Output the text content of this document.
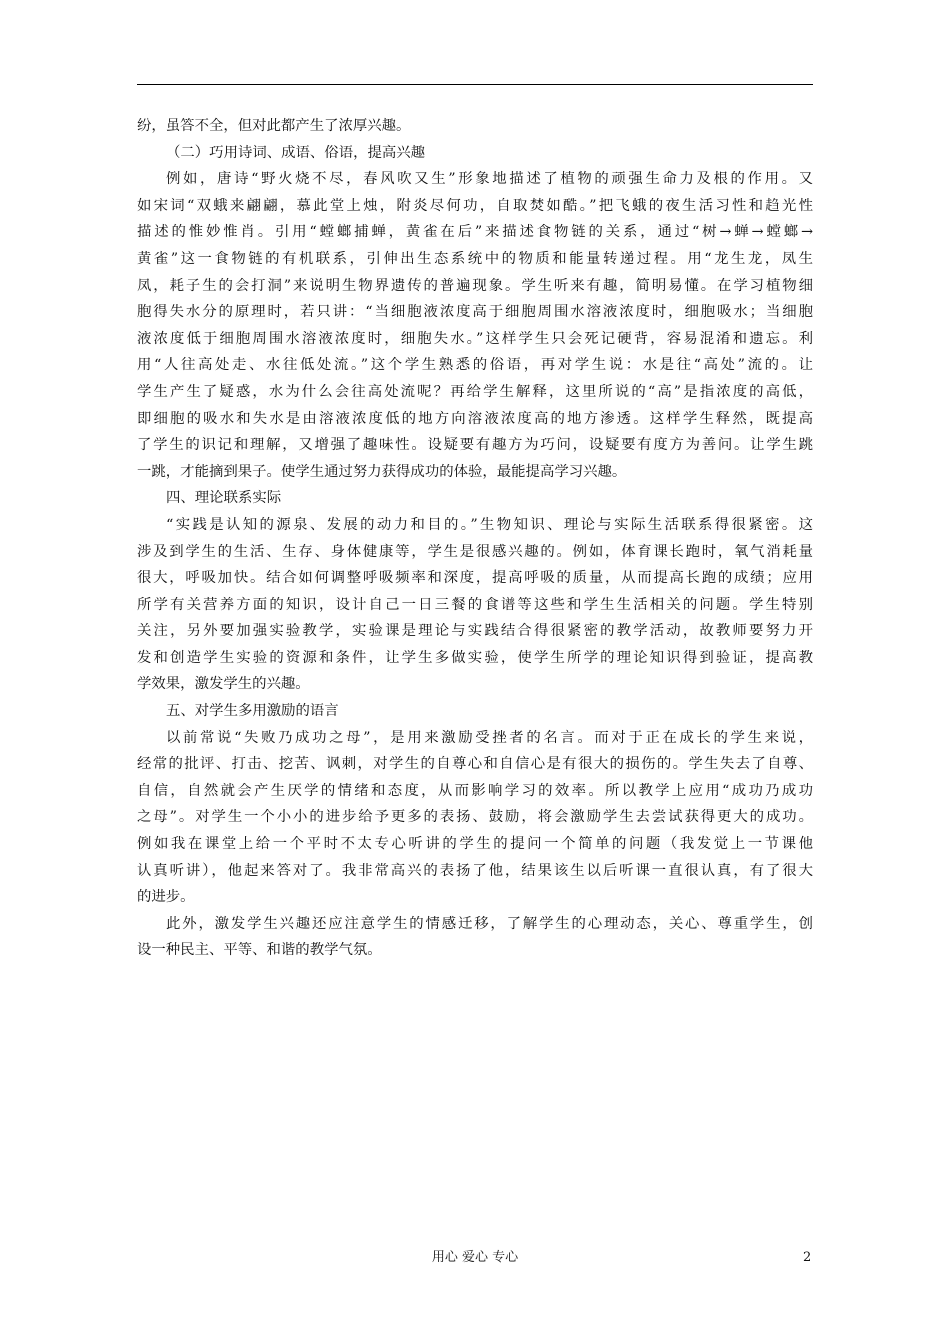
纷，虽答不全，但对此都产生了浓厚兴趣。
（二）巧用诗词、成语、俗语，提高兴趣
例如，唐诗“野火烧不尽，春风吹又生”形象地描述了植物的顽强生命力及根的作用。又
如宋词“双蛾来翩翩，慕此堂上烛，附炎尽何功，自取焚如酷。”把飞蛾的夜生活习性和趋光性
描述的惟妙惟肖。引用“螳螂捕蝉，黄雀在后”来描述食物链的关系，通过“树→蝉→螳螂→
黄雀”这一食物链的有机联系，引伸出生态系统中的物质和能量转递过程。用“龙生龙，凤生
凤，耗子生的会打洞”来说明生物界遗传的普遍现象。学生听来有趣，简明易懂。在学习植物细
胞得失水分的原理时，若只讲：“当细胞液浓度高于细胞周围水溶液浓度时，细胞吸水；当细胞
液浓度低于细胞周围水溶液浓度时，细胞失水。”这样学生只会死记硬背，容易混淆和遗忘。利
用“人往高处走、水往低处流。”这个学生熟悉的俗语，再对学生说：水是往“高处”流的。让
学生产生了疑惑，水为什么会往高处流呢？再给学生解释，这里所说的“高”是指浓度的高低，
即细胞的吸水和失水是由溶液浓度低的地方向溶液浓度高的地方渗透。这样学生释然，既提高
了学生的识记和理解，又增强了趣味性。设疑要有趣方为巧问，设疑要有度方为善问。让学生跳
一跳，才能摘到果子。使学生通过努力获得成功的体验，最能提高学习兴趣。
四、理论联系实际
“实践是认知的源泉、发展的动力和目的。”生物知识、理论与实际生活联系得很紧密。这
涉及到学生的生活、生存、身体健康等，学生是很感兴趣的。例如，体育课长跑时，氧气消耗量
很大，呼吸加快。结合如何调整呼吸频率和深度，提高呼吸的质量，从而提高长跑的成绩；应用
所学有关营养方面的知识，设计自己一日三餐的食谱等这些和学生生活相关的问题。学生特别
关注，另外要加强实验教学，实验课是理论与实践结合得很紧密的教学活动，故教师要努力开
发和创造学生实验的资源和条件，让学生多做实验，使学生所学的理论知识得到验证，提高教
学效果，激发学生的兴趣。
五、对学生多用激励的语言
以前常说“失败乃成功之母”，是用来激励受挫者的名言。而对于正在成长的学生来说，
经常的批评、打击、挖苦、讽刺，对学生的自尊心和自信心是有很大的损伤的。学生失去了自尊、
自信，自然就会产生厌学的情绪和态度，从而影响学习的效率。所以教学上应用“成功乃成功
之母”。对学生一个小小的进步给予更多的表扬、鼓励，将会激励学生去尝试获得更大的成功。
例如我在课堂上给一个平时不太专心听讲的学生的提问一个简单的问题（我发觉上一节课他
认真听讲），他起来答对了。我非常高兴的表扬了他，结果该生以后听课一直很认真，有了很大
的进步。
此外，激发学生兴趣还应注意学生的情感迁移，了解学生的心理动态，关心、尊重学生，创
设一种民主、平等、和谐的教学气氛。
用心 爱心 专心	2
